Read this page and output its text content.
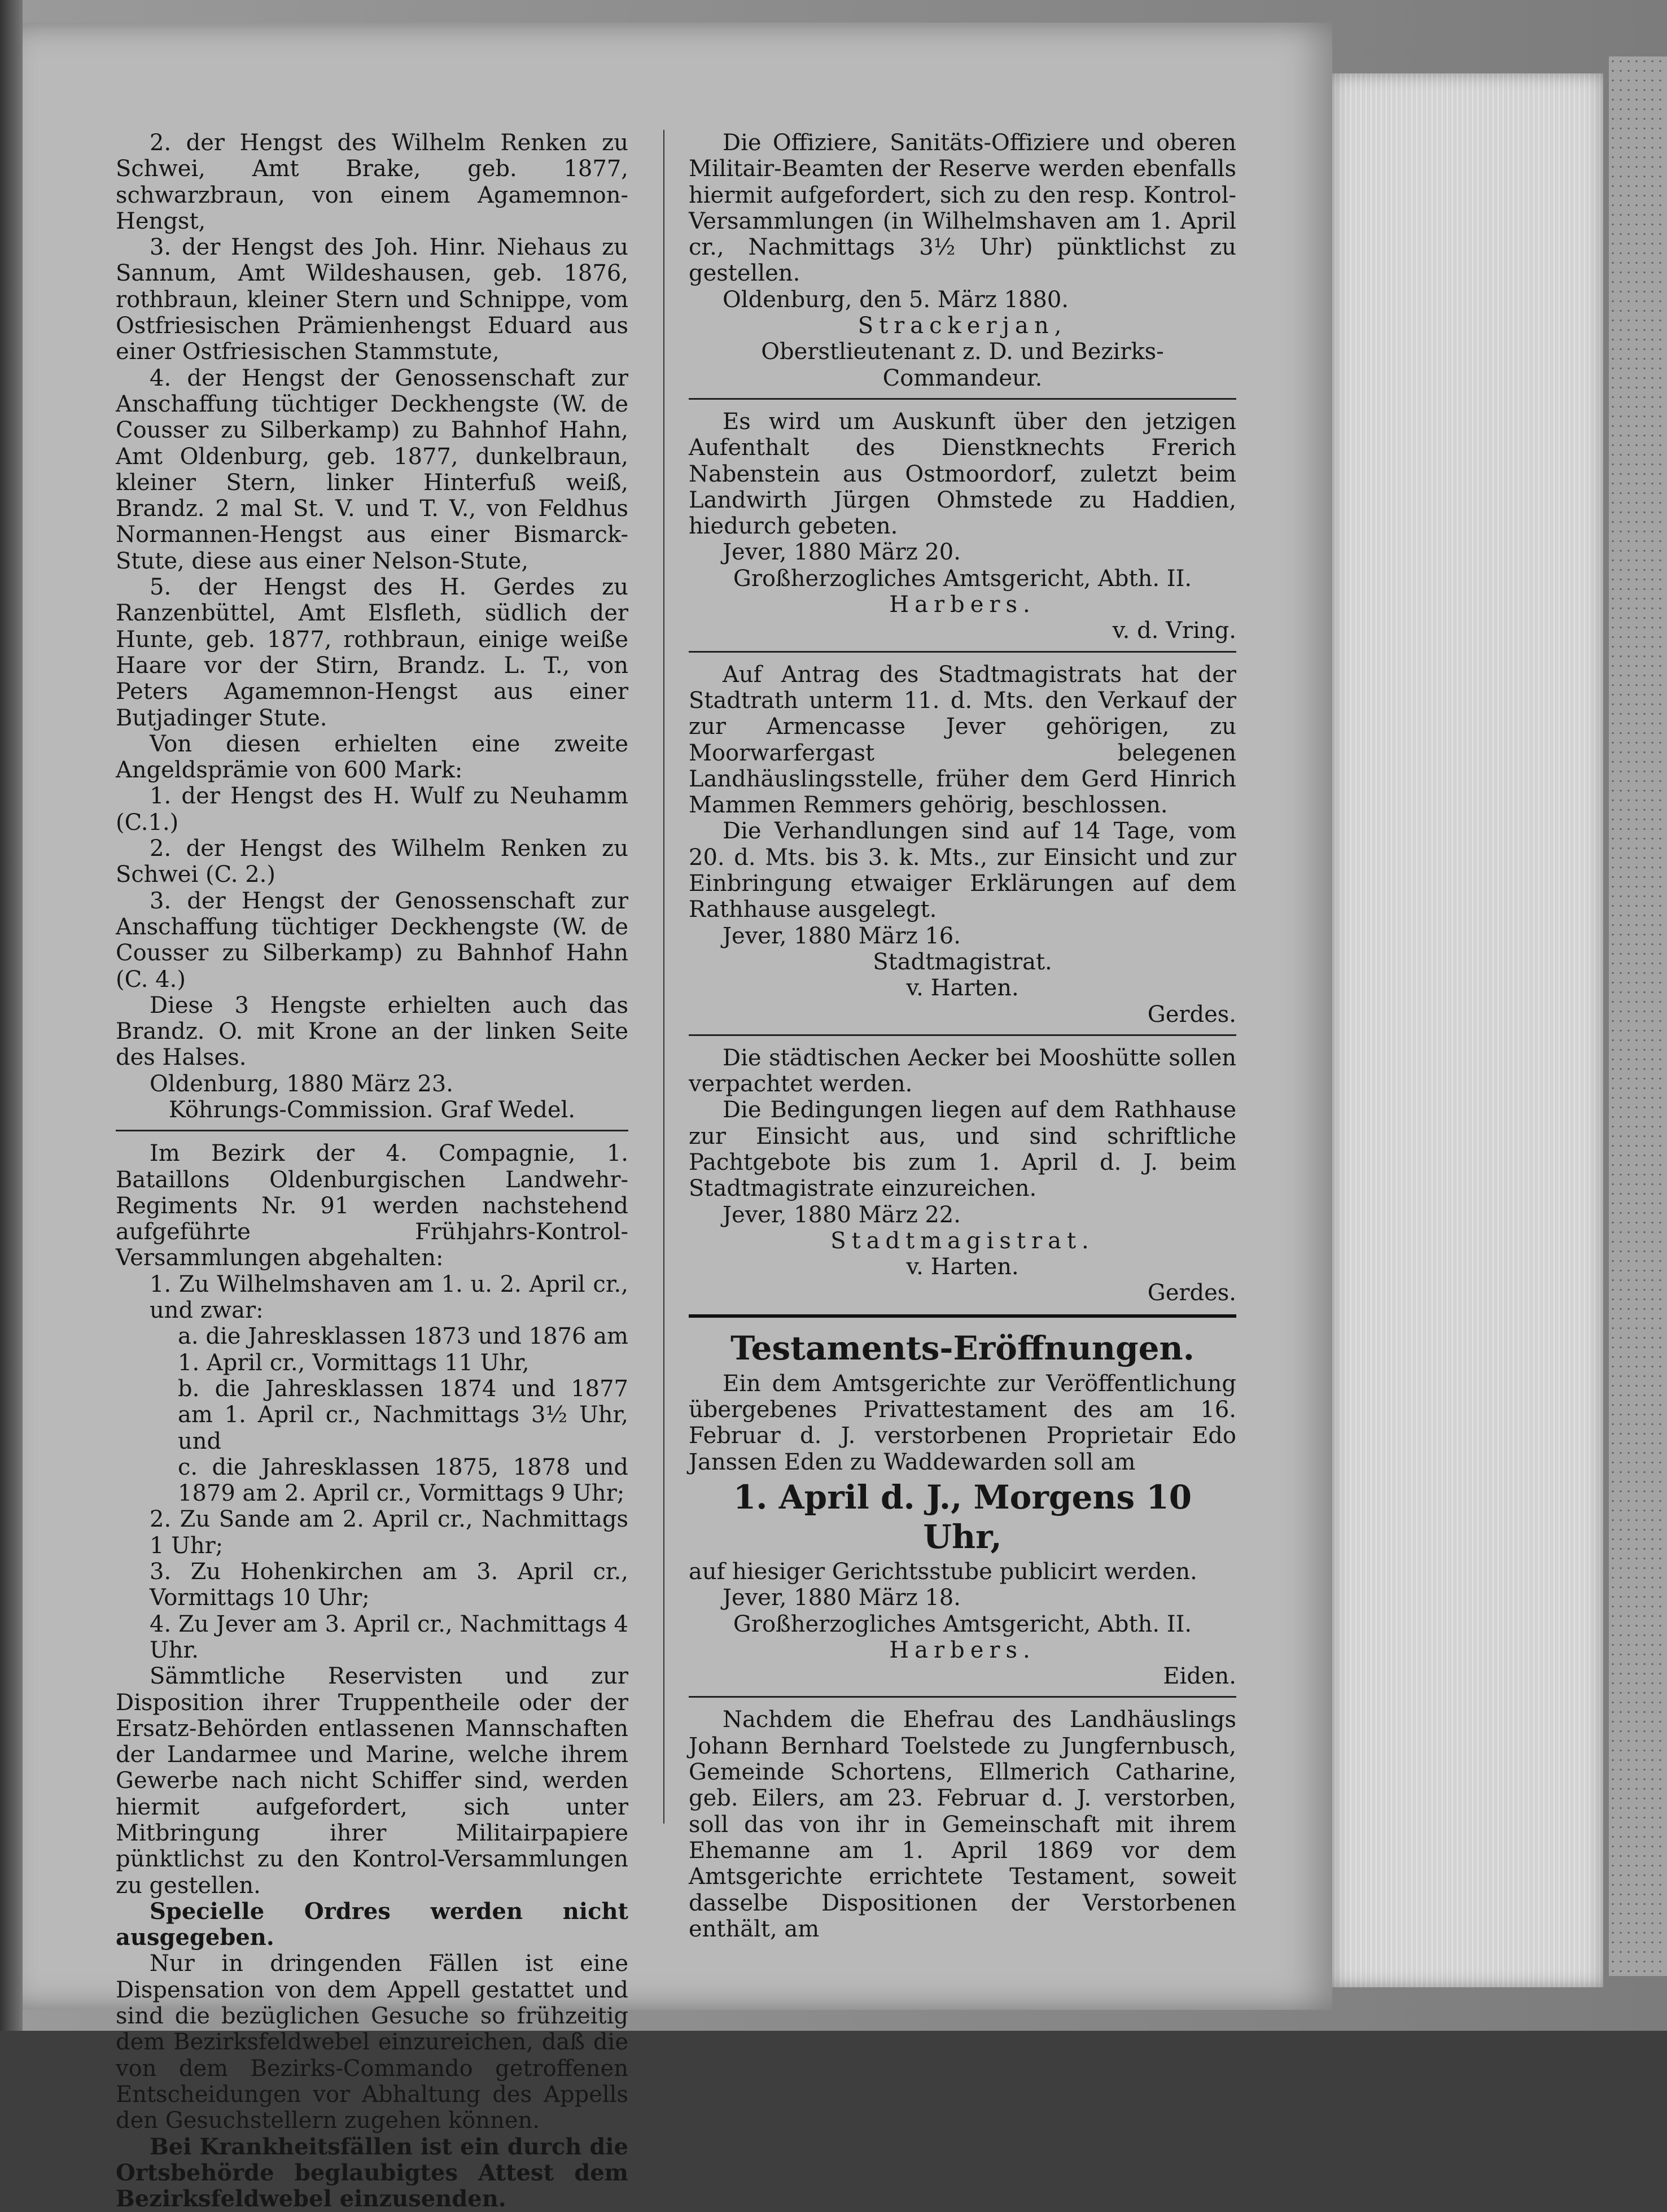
2. der Hengst des Wilhelm Renken zu Schwei, Amt Brake, geb. 1877, schwarzbraun, von einem Agamemnon-Hengst,

3. der Hengst des Joh. Hinr. Niehaus zu Sannum, Amt Wildeshausen, geb. 1876, rothbraun, kleiner Stern und Schnippe, vom Ostfriesischen Prämienhengst Eduard aus einer Ostfriesischen Stammstute,

4. der Hengst der Genossenschaft zur Anschaffung tüchtiger Deckhengste (W. de Cousser zu Silberkamp) zu Bahnhof Hahn, Amt Oldenburg, geb. 1877, dunkelbraun, kleiner Stern, linker Hinterfuß weiß, Brandz. 2 mal St. V. und T. V., von Feldhus Normannen-Hengst aus einer Bismarck-Stute, diese aus einer Nelson-Stute,

5. der Hengst des H. Gerdes zu Ranzenbüttel, Amt Elsfleth, südlich der Hunte, geb. 1877, rothbraun, einige weiße Haare vor der Stirn, Brandz. L. T., von Peters Agamemnon-Hengst aus einer Butjadinger Stute.

Von diesen erhielten eine zweite Angeldsprämie von 600 Mark:

1. der Hengst des H. Wulf zu Neuhamm (C.1.)

2. der Hengst des Wilhelm Renken zu Schwei (C. 2.)

3. der Hengst der Genossenschaft zur Anschaffung tüchtiger Deckhengste (W. de Cousser zu Silberkamp) zu Bahnhof Hahn (C. 4.)

Diese 3 Hengste erhielten auch das Brandz. O. mit Krone an der linken Seite des Halses.

Oldenburg, 1880 März 23.

Köhrungs-Commission. Graf Wedel.

Im Bezirk der 4. Compagnie, 1. Bataillons Oldenburgischen Landwehr-Regiments Nr. 91 werden nachstehend aufgeführte Frühjahrs-Kontrol-Versammlungen abgehalten:

1. Zu Wilhelmshaven am 1. u. 2. April cr., und zwar:

a. die Jahresklassen 1873 und 1876 am 1. April cr., Vormittags 11 Uhr,

b. die Jahresklassen 1874 und 1877 am 1. April cr., Nachmittags 3½ Uhr, und

c. die Jahresklassen 1875, 1878 und 1879 am 2. April cr., Vormittags 9 Uhr;

2. Zu Sande am 2. April cr., Nachmittags 1 Uhr;

3. Zu Hohenkirchen am 3. April cr., Vormittags 10 Uhr;

4. Zu Jever am 3. April cr., Nachmittags 4 Uhr.

Sämmtliche Reservisten und zur Disposition ihrer Truppentheile oder der Ersatz-Behörden entlassenen Mannschaften der Landarmee und Marine, welche ihrem Gewerbe nach nicht Schiffer sind, werden hiermit aufgefordert, sich unter Mitbringung ihrer Militairpapiere pünktlichst zu den Kontrol-Versammlungen zu gestellen.

Specielle Ordres werden nicht ausgegeben.

Nur in dringenden Fällen ist eine Dispensation von dem Appell gestattet und sind die bezüglichen Gesuche so frühzeitig dem Bezirksfeldwebel einzureichen, daß die von dem Bezirks-Commando getroffenen Entscheidungen vor Abhaltung des Appells den Gesuchstellern zugehen können.

Bei Krankheitsfällen ist ein durch die Ortsbehörde beglaubigtes Attest dem Bezirksfeldwebel einzusenden.

Die Offiziere, Sanitäts-Offiziere und oberen Militair-Beamten der Reserve werden ebenfalls hiermit aufgefordert, sich zu den resp. Kontrol-Versammlungen (in Wilhelmshaven am 1. April cr., Nachmittags 3½ Uhr) pünktlichst zu gestellen.

Oldenburg, den 5. März 1880.

Strackerjan,

Oberstlieutenant z. D. und Bezirks-Commandeur.

Es wird um Auskunft über den jetzigen Aufenthalt des Dienstknechts Frerich Nabenstein aus Ostmoordorf, zuletzt beim Landwirth Jürgen Ohmstede zu Haddien, hiedurch gebeten.

Jever, 1880 März 20.

Großherzogliches Amtsgericht, Abth. II.

Harbers.

v. d. Vring.

Auf Antrag des Stadtmagistrats hat der Stadtrath unterm 11. d. Mts. den Verkauf der zur Armencasse Jever gehörigen, zu Moorwarfergast belegenen Landhäuslingsstelle, früher dem Gerd Hinrich Mammen Remmers gehörig, beschlossen.

Die Verhandlungen sind auf 14 Tage, vom 20. d. Mts. bis 3. k. Mts., zur Einsicht und zur Einbringung etwaiger Erklärungen auf dem Rathhause ausgelegt.

Jever, 1880 März 16.

Stadtmagistrat.

v. Harten.

Gerdes.

Die städtischen Aecker bei Mooshütte sollen verpachtet werden.

Die Bedingungen liegen auf dem Rathhause zur Einsicht aus, und sind schriftliche Pachtgebote bis zum 1. April d. J. beim Stadtmagistrate einzureichen.

Jever, 1880 März 22.

Stadtmagistrat.

v. Harten.

Gerdes.

Testaments-Eröffnungen.

Ein dem Amtsgerichte zur Veröffentlichung übergebenes Privattestament des am 16. Februar d. J. verstorbenen Proprietair Edo Janssen Eden zu Waddewarden soll am

1. April d. J., Morgens 10 Uhr,

auf hiesiger Gerichtsstube publicirt werden.

Jever, 1880 März 18.

Großherzogliches Amtsgericht, Abth. II.

Harbers.

Eiden.

Nachdem die Ehefrau des Landhäuslings Johann Bernhard Toelstede zu Jungfernbusch, Gemeinde Schortens, Ellmerich Catharine, geb. Eilers, am 23. Februar d. J. verstorben, soll das von ihr in Gemeinschaft mit ihrem Ehemanne am 1. April 1869 vor dem Amtsgerichte errichtete Testament, soweit dasselbe Dispositionen der Verstorbenen enthält, am
